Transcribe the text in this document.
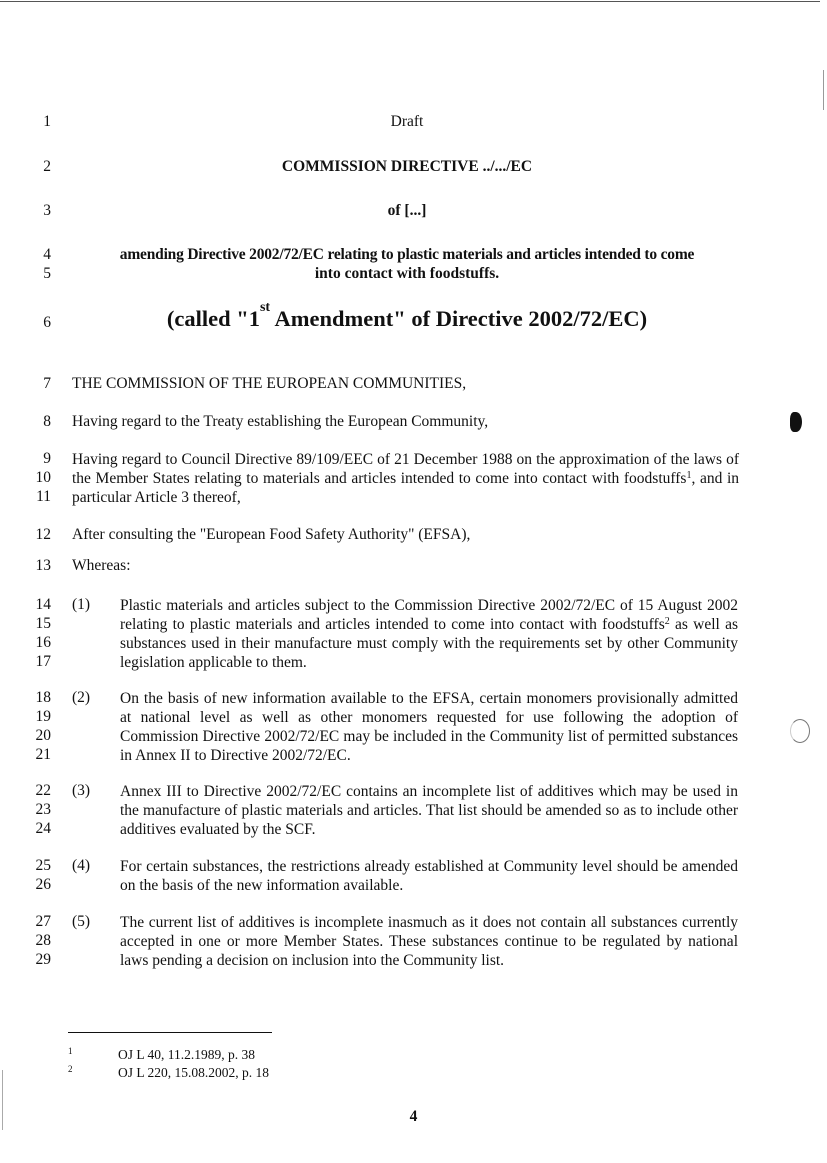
1
2
3
4
5
6
7
8
9
10
11
12
13
14
15
16
17
18
19
20
21
22
23
24
25
26
27
28
29
Draft
COMMISSION DIRECTIVE ../.../EC
of [...]
amending Directive 2002/72/EC relating to plastic materials and articles intended to come
into contact with foodstuffs.
(called "1st Amendment" of Directive 2002/72/EC)
THE COMMISSION OF THE EUROPEAN COMMUNITIES,
Having regard to the Treaty establishing the European Community,
Having regard to Council Directive 89/109/EEC of 21 December 1988 on the approximation of the laws of the Member States relating to materials and articles intended to come into contact with foodstuffs$^1$, and in particular Article 3 thereof,
After consulting the "European Food Safety Authority" (EFSA),
Whereas:
(1) Plastic materials and articles subject to the Commission Directive 2002/72/EC of 15 August 2002 relating to plastic materials and articles intended to come into contact with foodstuffs$^2$ as well as substances used in their manufacture must comply with the requirements set by other Community legislation applicable to them.
(2) On the basis of new information available to the EFSA, certain monomers provisionally admitted at national level as well as other monomers requested for use following the adoption of Commission Directive 2002/72/EC may be included in the Community list of permitted substances in Annex II to Directive 2002/72/EC.
(3) Annex III to Directive 2002/72/EC contains an incomplete list of additives which may be used in the manufacture of plastic materials and articles. That list should be amended so as to include other additives evaluated by the SCF.
(4) For certain substances, the restrictions already established at Community level should be amended on the basis of the new information available.
(5) The current list of additives is incomplete inasmuch as it does not contain all substances currently accepted in one or more Member States. These substances continue to be regulated by national laws pending a decision on inclusion into the Community list.
1	OJ L 40, 11.2.1989, p. 38
2	OJ L 220, 15.08.2002, p. 18
4
